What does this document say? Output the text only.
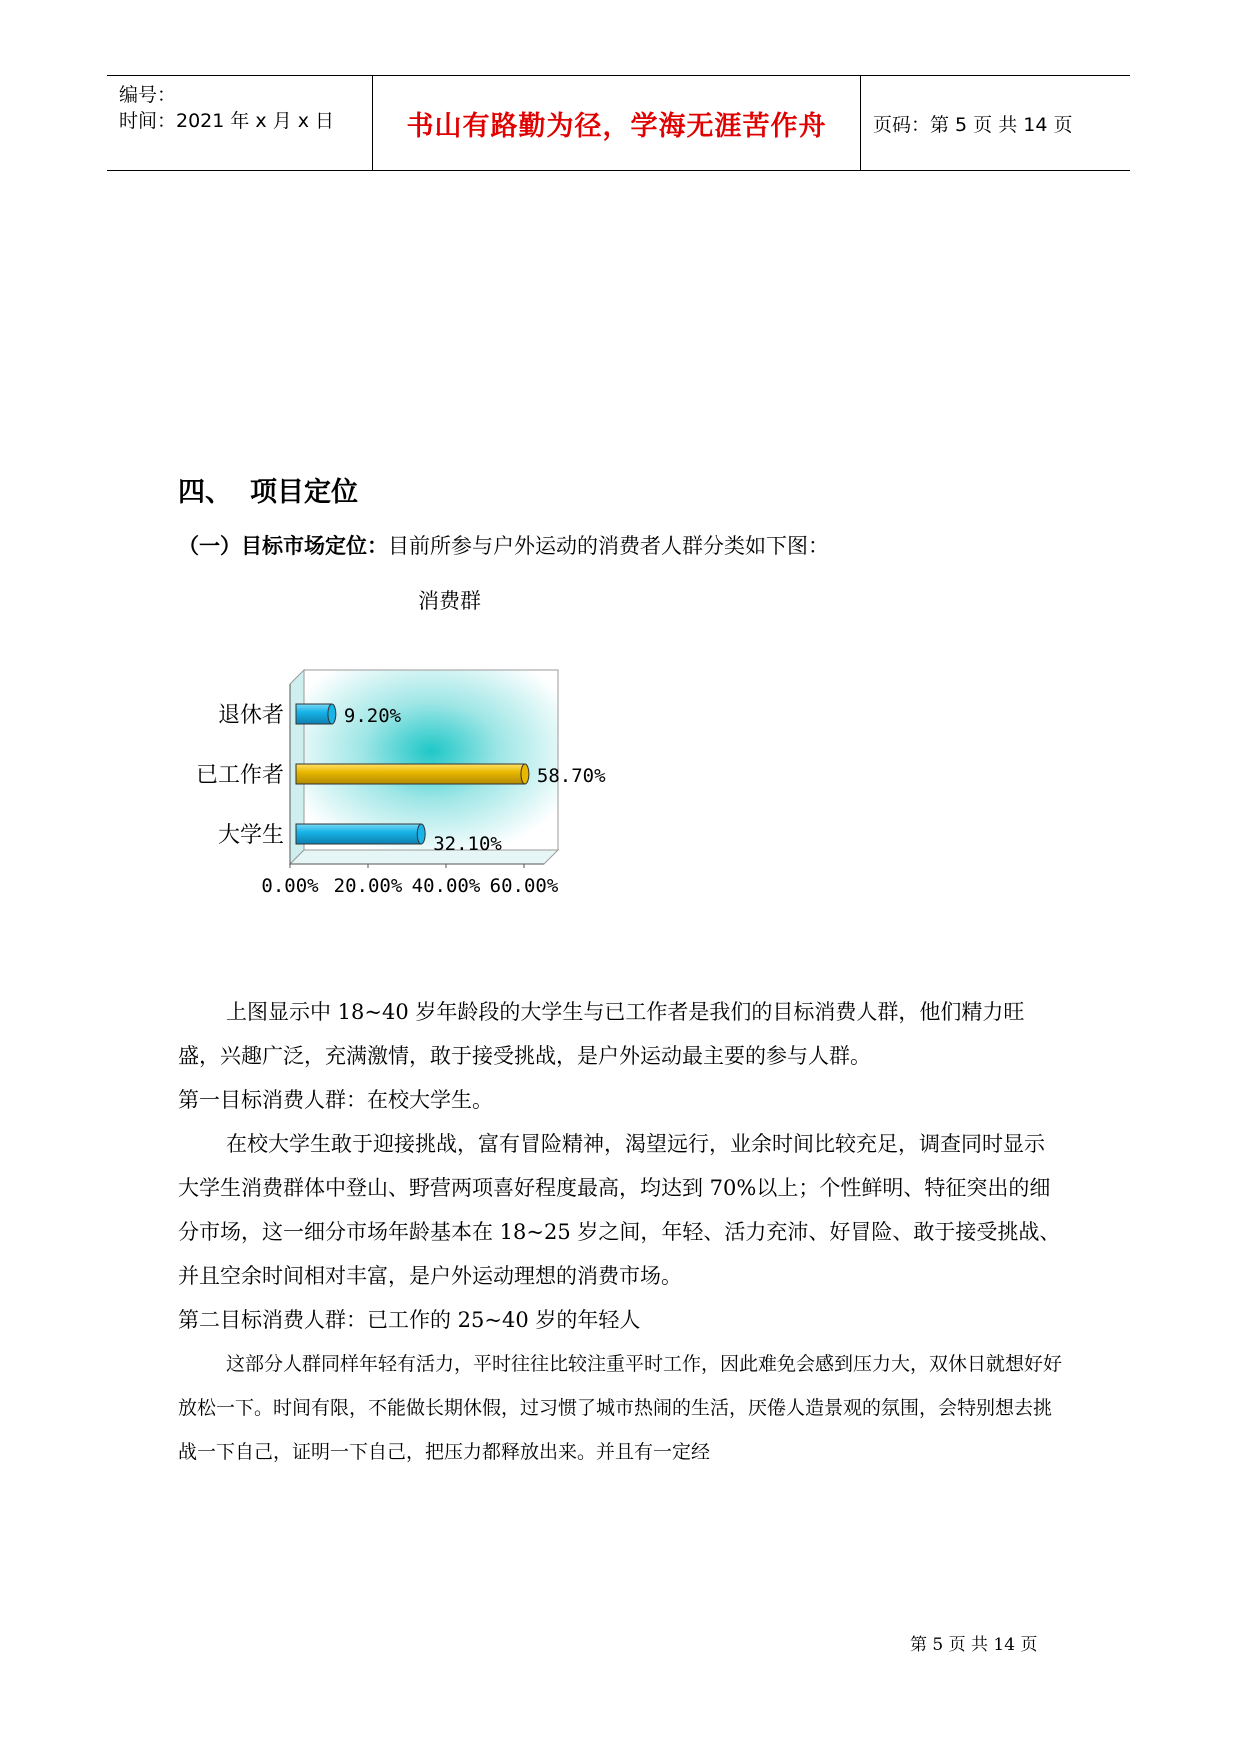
编号：
时间：2021 年 x 月 x 日	书山有路勤为径，学海无涯苦作舟	页码：第 5 页 共 14 页
四、 项目定位
（一）目标市场定位：目前所参与户外运动的消费者人群分类如下图：
消费群
0.00% 20.00% 40.00% 60.00%
退休者	9.20%
已工作者	58.70%
大学生	32.10%

上图显示中 18~40 岁年龄段的大学生与已工作者是我们的目标消费人群，他们精力旺盛，兴趣广泛，充满激情，敢于接受挑战，是户外运动最主要的参与人群。

第一目标消费人群：在校大学生。

在校大学生敢于迎接挑战，富有冒险精神，渴望远行，业余时间比较充足，调查同时显示大学生消费群体中登山、野营两项喜好程度最高，均达到 70%以上；个性鲜明、特征突出的细分市场，这一细分市场年龄基本在 18~25 岁之间，年轻、活力充沛、好冒险、敢于接受挑战、并且空余时间相对丰富，是户外运动理想的消费市场。

第二目标消费人群：已工作的 25~40 岁的年轻人

这部分人群同样年轻有活力，平时往往比较注重平时工作，因此难免会感到压力大，双休日就想好好放松一下。时间有限，不能做长期休假，过习惯了城市热闹的生活，厌倦人造景观的氛围，会特别想去挑战一下自己，证明一下自己，把压力都释放出来。并且有一定经

第 5 页 共 14 页
